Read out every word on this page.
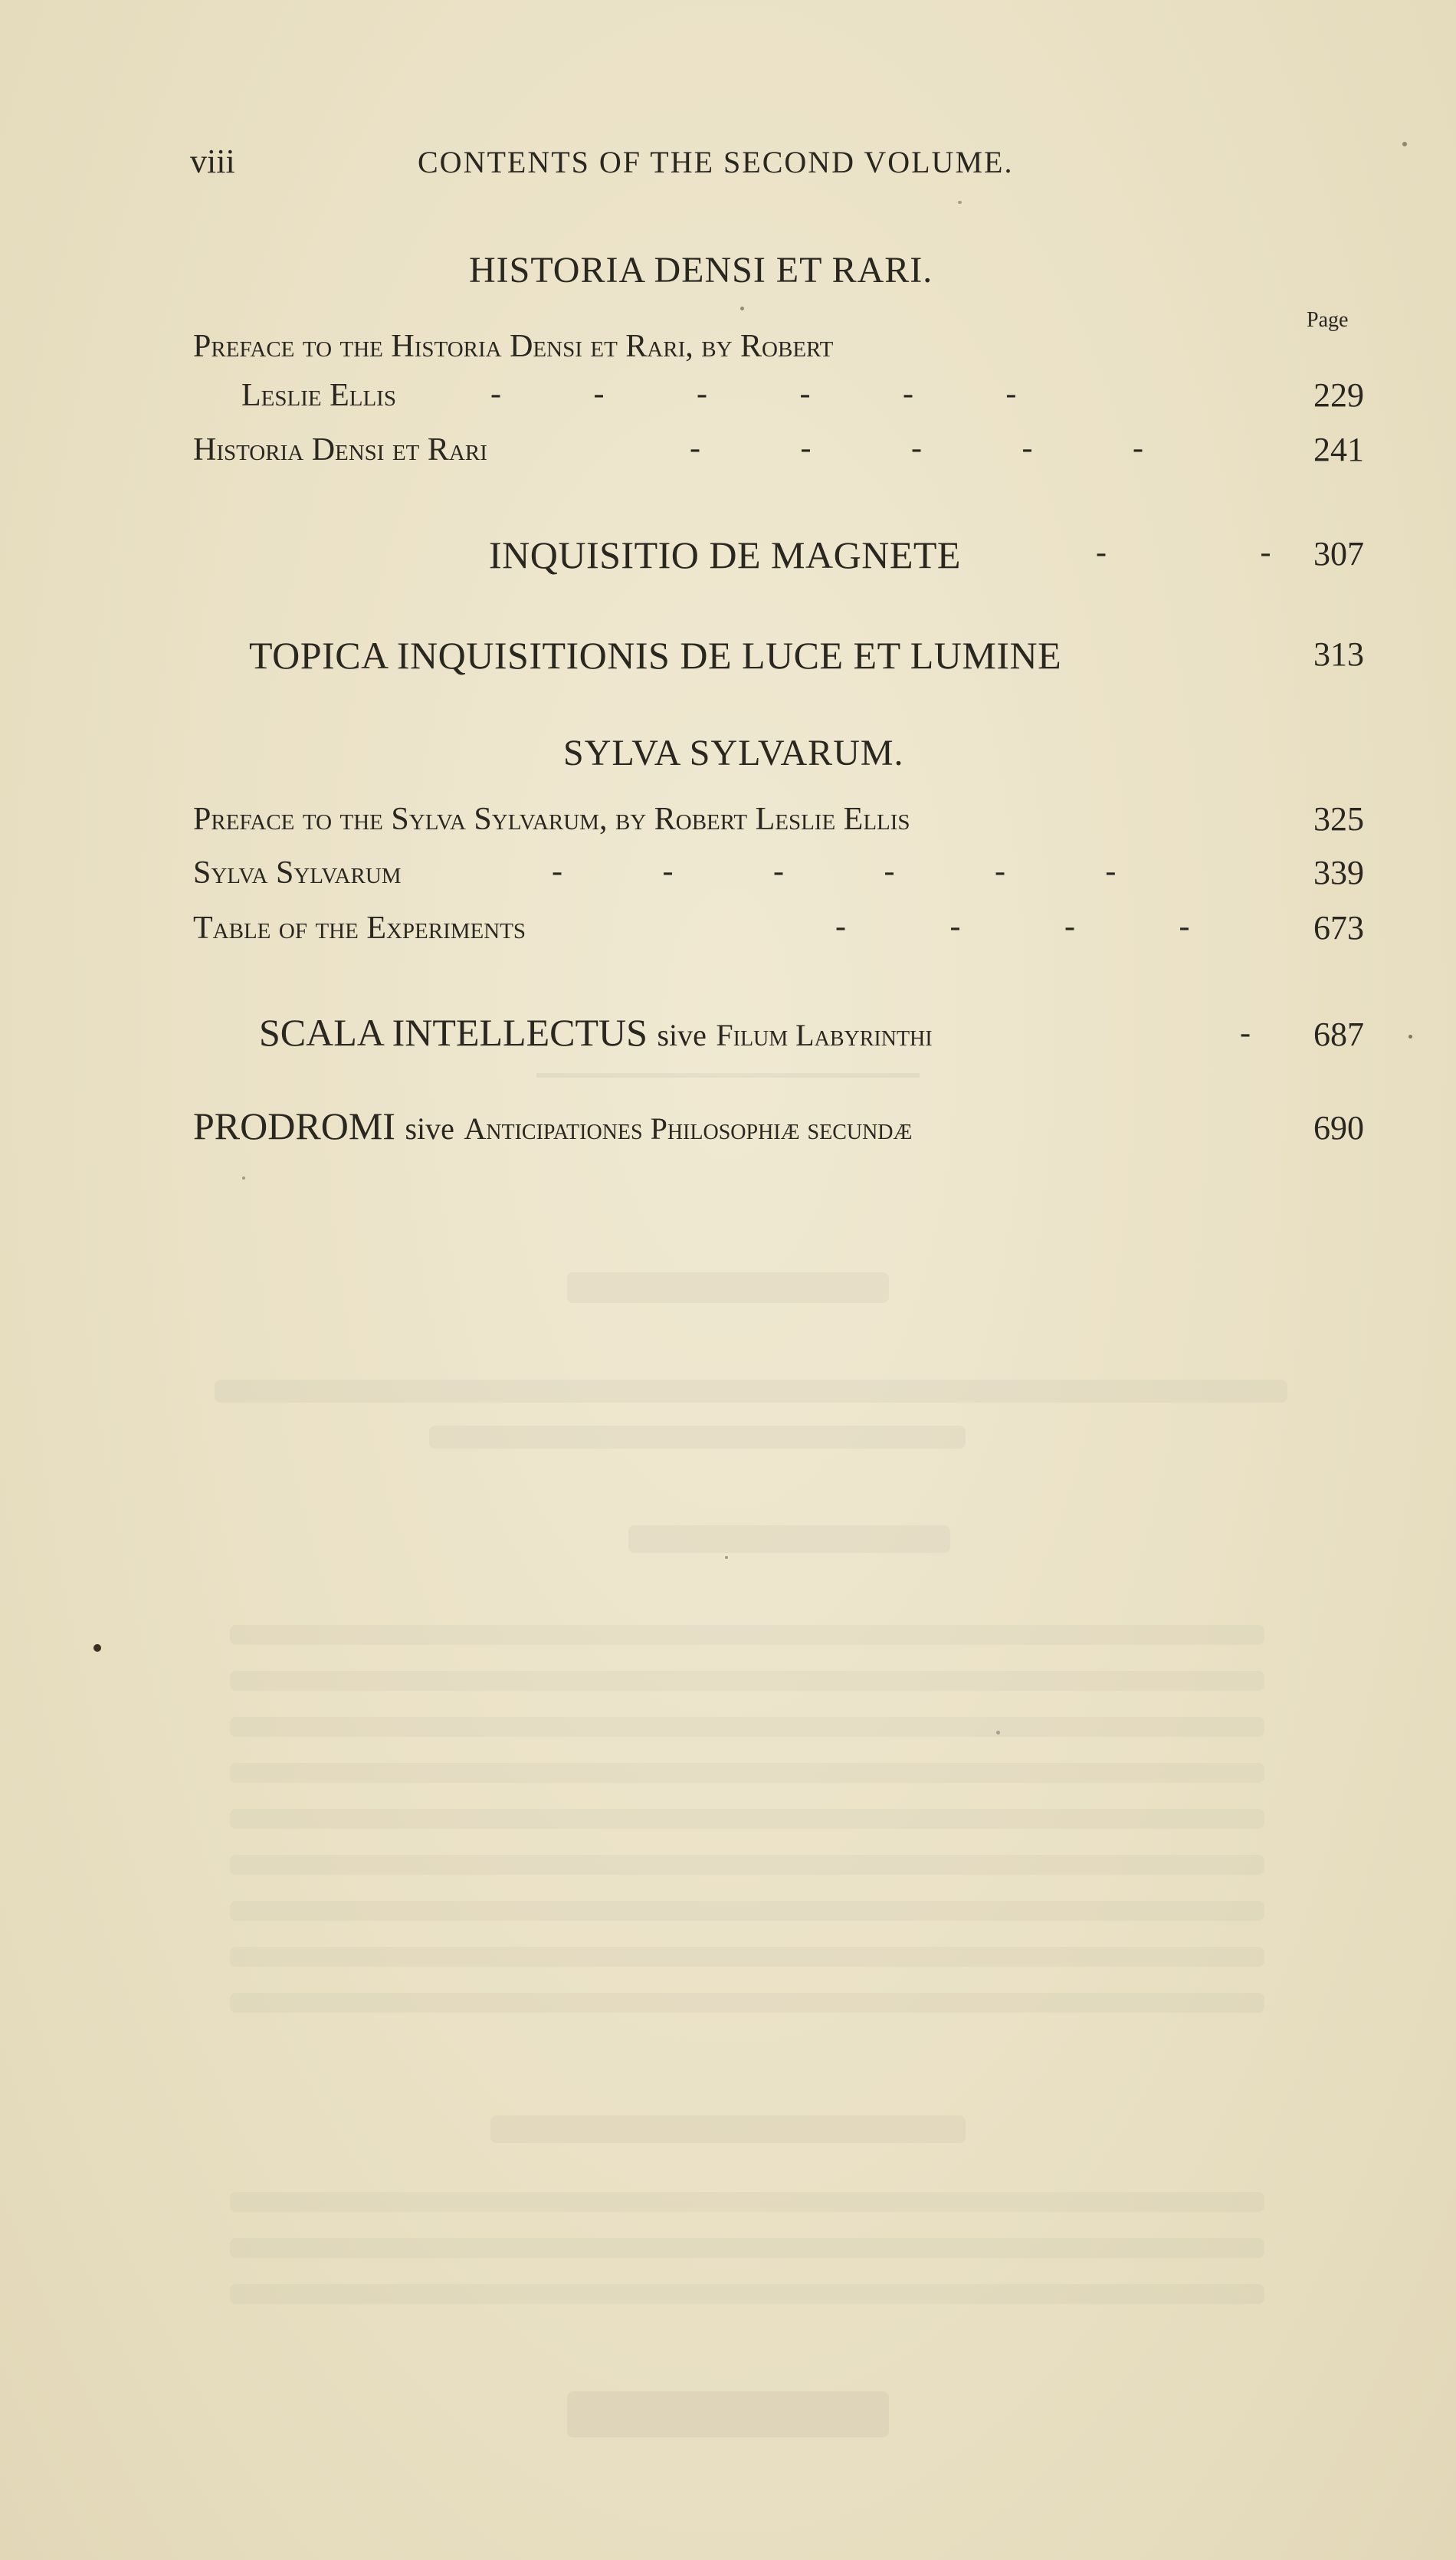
viii	CONTENTS OF THE SECOND VOLUME.
HISTORIA DENSI ET RARI.
Page
Preface to the Historia Densi et Rari, by Robert
Leslie Ellis	- - - - - -	229
Historia Densi et Rari	- - - - -	241
INQUISITIO DE MAGNETE	- -	307
TOPICA INQUISITIONIS DE LUCE ET LUMINE	313
SYLVA SYLVARUM.
Preface to the Sylva Sylvarum, by Robert Leslie Ellis	325
Sylva Sylvarum	- - - - - -	339
Table of the Experiments	- - - -	673
SCALA INTELLECTUS sive Filum Labyrinthi	-	687
PRODROMI sive Anticipationes Philosophiæ secundæ	690
